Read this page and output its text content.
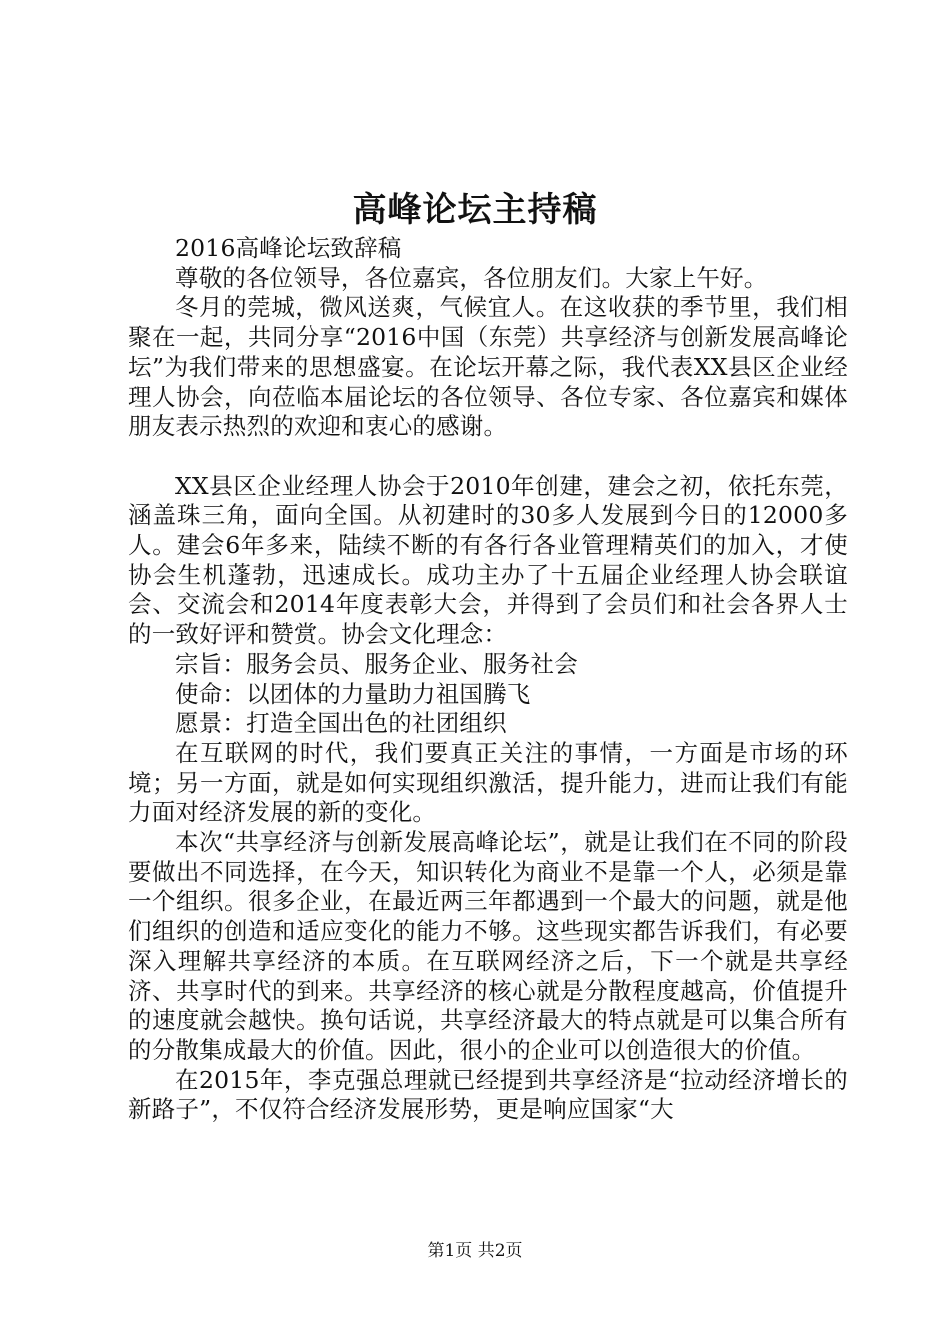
高峰论坛主持稿

2016高峰论坛致辞稿

尊敬的各位领导，各位嘉宾，各位朋友们。大家上午好。

冬月的莞城，微风送爽，气候宜人。在这收获的季节里，我们相聚在一起，共同分享“2016中国（东莞）共享经济与创新发展高峰论坛”为我们带来的思想盛宴。在论坛开幕之际，我代表XX县区企业经理人协会，向莅临本届论坛的各位领导、各位专家、各位嘉宾和媒体朋友表示热烈的欢迎和衷心的感谢。

XX县区企业经理人协会于2010年创建，建会之初，依托东莞，涵盖珠三角，面向全国。从初建时的30多人发展到今日的12000多人。建会6年多来，陆续不断的有各行各业管理精英们的加入，才使协会生机蓬勃，迅速成长。成功主办了十五届企业经理人协会联谊会、交流会和2014年度表彰大会，并得到了会员们和社会各界人士的一致好评和赞赏。协会文化理念：

宗旨：服务会员、服务企业、服务社会

使命：以团体的力量助力祖国腾飞

愿景：打造全国出色的社团组织

在互联网的时代，我们要真正关注的事情，一方面是市场的环境；另一方面，就是如何实现组织激活，提升能力，进而让我们有能力面对经济发展的新的变化。

本次“共享经济与创新发展高峰论坛”，就是让我们在不同的阶段要做出不同选择，在今天，知识转化为商业不是靠一个人，必须是靠一个组织。很多企业，在最近两三年都遇到一个最大的问题，就是他们组织的创造和适应变化的能力不够。这些现实都告诉我们，有必要深入理解共享经济的本质。在互联网经济之后，下一个就是共享经济、共享时代的到来。共享经济的核心就是分散程度越高，价值提升的速度就会越快。换句话说，共享经济最大的特点就是可以集合所有的分散集成最大的价值。因此，很小的企业可以创造很大的价值。

在2015年，李克强总理就已经提到共享经济是“拉动经济增长的新路子”，不仅符合经济发展形势，更是响应国家“大

第1页 共2页
